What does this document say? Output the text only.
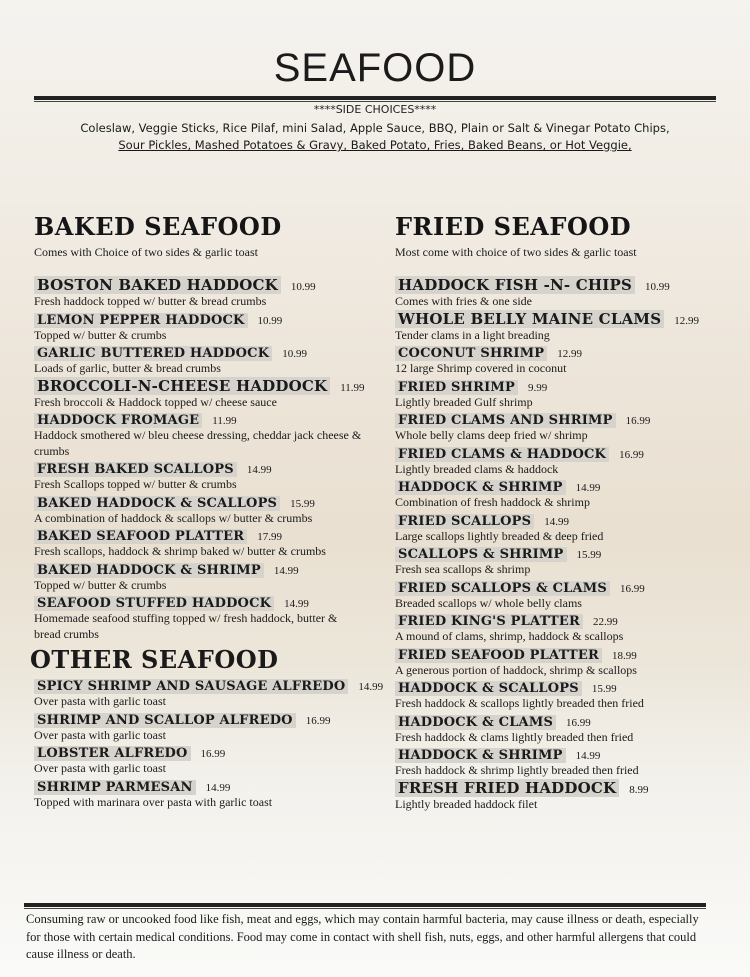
SEAFOOD
****SIDE CHOICES****
Coleslaw, Veggie Sticks, Rice Pilaf, mini Salad, Apple Sauce, BBQ, Plain or Salt & Vinegar Potato Chips,
Sour Pickles, Mashed Potatoes & Gravy, Baked Potato, Fries, Baked Beans, or Hot Veggie,
BAKED SEAFOOD
Comes with Choice of two sides & garlic toast
BOSTON BAKED HADDOCK 10.99
Fresh haddock topped w/ butter & bread crumbs
LEMON PEPPER HADDOCK 10.99
Topped w/ butter & crumbs
GARLIC BUTTERED HADDOCK 10.99
Loads of garlic, butter & bread crumbs
BROCCOLI-N-CHEESE HADDOCK 11.99
Fresh broccoli & Haddock topped w/ cheese sauce
HADDOCK FROMAGE 11.99
Haddock smothered w/ bleu cheese dressing, cheddar jack cheese & crumbs
FRESH BAKED SCALLOPS 14.99
Fresh Scallops topped w/ butter & crumbs
BAKED HADDOCK & SCALLOPS 15.99
A combination of haddock & scallops w/ butter & crumbs
BAKED SEAFOOD PLATTER 17.99
Fresh scallops, haddock & shrimp baked w/ butter & crumbs
BAKED HADDOCK & SHRIMP 14.99
Topped w/ butter & crumbs
SEAFOOD STUFFED HADDOCK 14.99
Homemade seafood stuffing topped w/ fresh haddock, butter & bread crumbs
OTHER SEAFOOD
SPICY SHRIMP AND SAUSAGE ALFREDO 14.99
Over pasta with garlic toast
SHRIMP AND SCALLOP ALFREDO 16.99
Over pasta with garlic toast
LOBSTER ALFREDO 16.99
Over pasta with garlic toast
SHRIMP PARMESAN 14.99
Topped with marinara over pasta with garlic toast
FRIED SEAFOOD
Most come with choice of two sides & garlic toast
HADDOCK FISH -N- CHIPS 10.99
Comes with fries & one side
WHOLE BELLY MAINE CLAMS 12.99
Tender clams in a light breading
COCONUT SHRIMP 12.99
12 large Shrimp covered in coconut
FRIED SHRIMP 9.99
Lightly breaded Gulf shrimp
FRIED CLAMS AND SHRIMP 16.99
Whole belly clams deep fried w/ shrimp
FRIED CLAMS & HADDOCK 16.99
Lightly breaded clams & haddock
HADDOCK & SHRIMP 14.99
Combination of fresh haddock & shrimp
FRIED SCALLOPS 14.99
Large scallops lightly breaded & deep fried
SCALLOPS & SHRIMP 15.99
Fresh sea scallops & shrimp
FRIED SCALLOPS & CLAMS 16.99
Breaded scallops w/ whole belly clams
FRIED KING'S PLATTER 22.99
A mound of clams, shrimp, haddock & scallops
FRIED SEAFOOD PLATTER 18.99
A generous portion of haddock, shrimp & scallops
HADDOCK & SCALLOPS 15.99
Fresh haddock & scallops lightly breaded then fried
HADDOCK & CLAMS 16.99
Fresh haddock & clams lightly breaded then fried
HADDOCK & SHRIMP 14.99
Fresh haddock & shrimp lightly breaded then fried
FRESH FRIED HADDOCK 8.99
Lightly breaded haddock filet
Consuming raw or uncooked food like fish, meat and eggs, which may contain harmful bacteria, may cause illness or death, especially for those with certain medical conditions. Food may come in contact with shell fish, nuts, eggs, and other harmful allergens that could cause illness or death.
